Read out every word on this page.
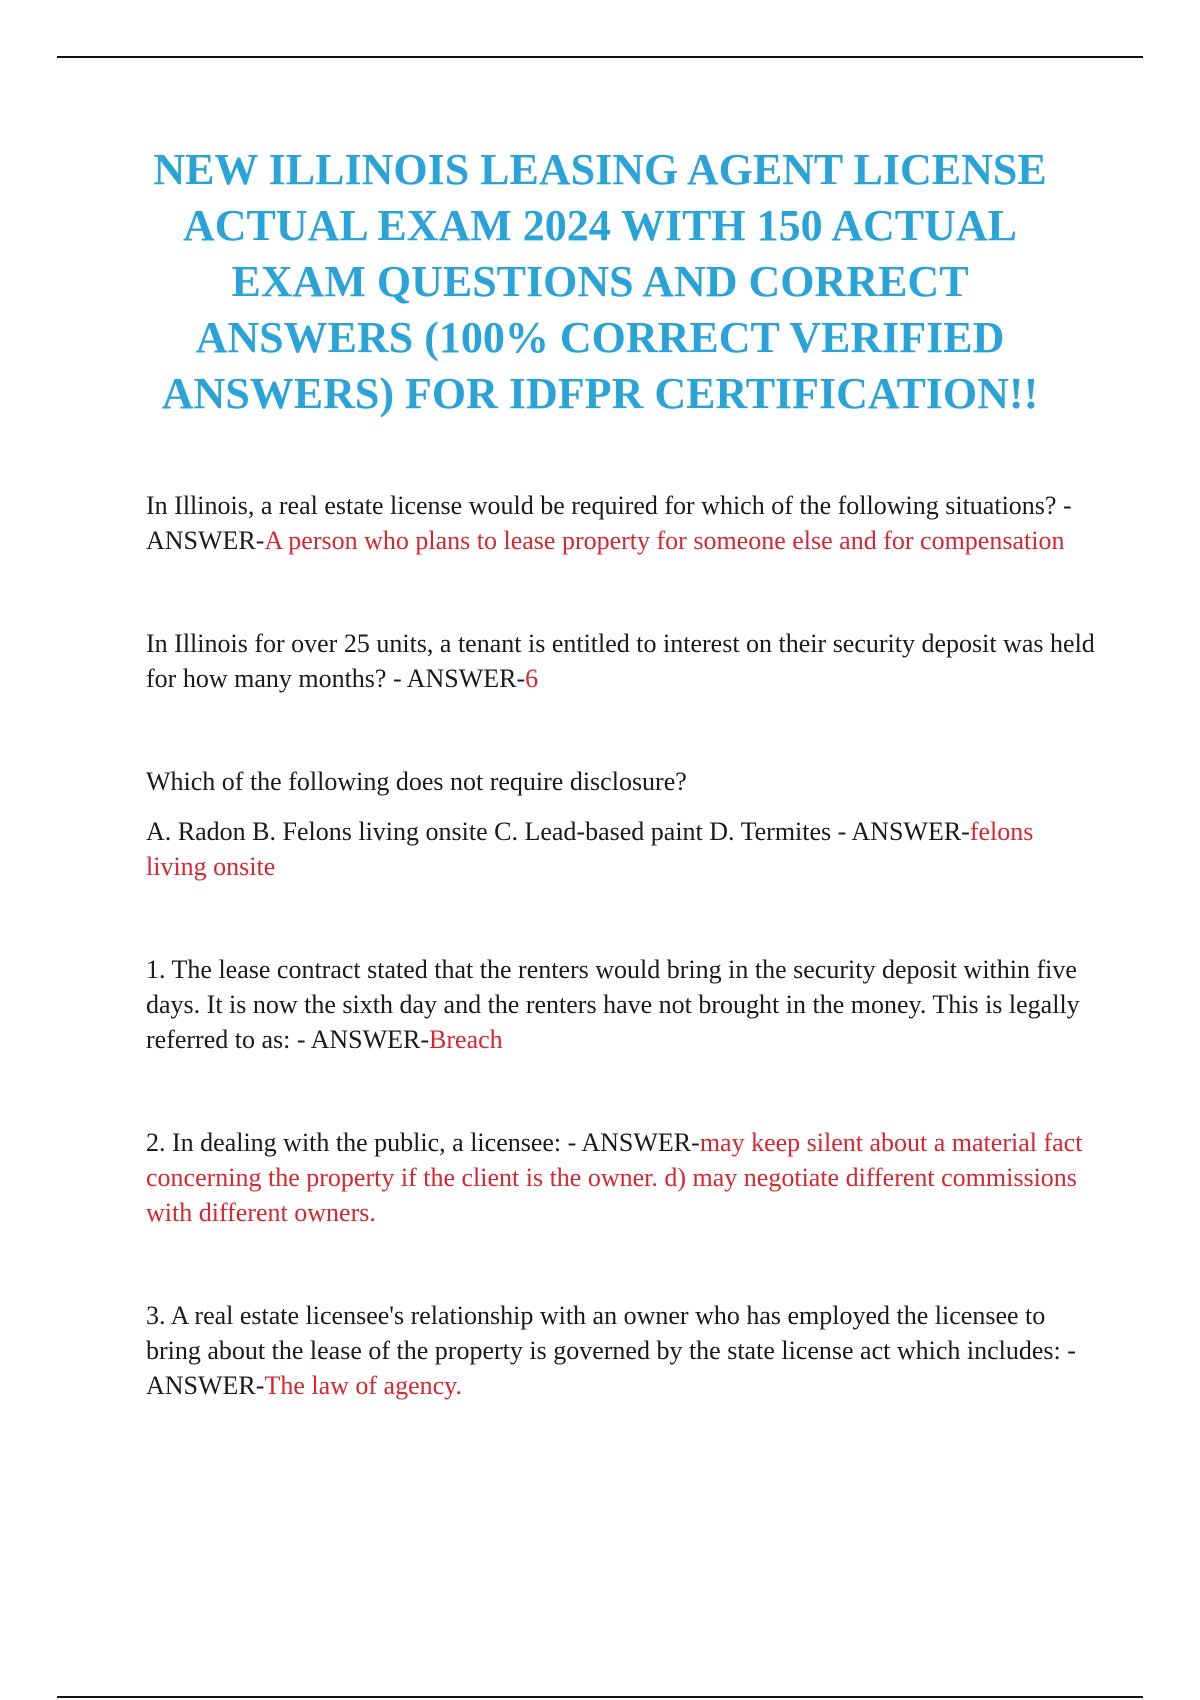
NEW ILLINOIS LEASING AGENT LICENSE ACTUAL EXAM 2024 WITH 150 ACTUAL EXAM QUESTIONS AND CORRECT ANSWERS (100% CORRECT VERIFIED ANSWERS) FOR IDFPR CERTIFICATION!!

In Illinois, a real estate license would be required for which of the following situations? - ANSWER-A person who plans to lease property for someone else and for compensation

In Illinois for over 25 units, a tenant is entitled to interest on their security deposit was held for how many months? - ANSWER-6

Which of the following does not require disclosure?

A. Radon B. Felons living onsite C. Lead-based paint D. Termites - ANSWER-felons living onsite

1. The lease contract stated that the renters would bring in the security deposit within five days. It is now the sixth day and the renters have not brought in the money. This is legally referred to as: - ANSWER-Breach

2. In dealing with the public, a licensee: - ANSWER-may keep silent about a material fact concerning the property if the client is the owner. d) may negotiate different commissions with different owners.

3. A real estate licensee's relationship with an owner who has employed the licensee to bring about the lease of the property is governed by the state license act which includes: - ANSWER-The law of agency.
